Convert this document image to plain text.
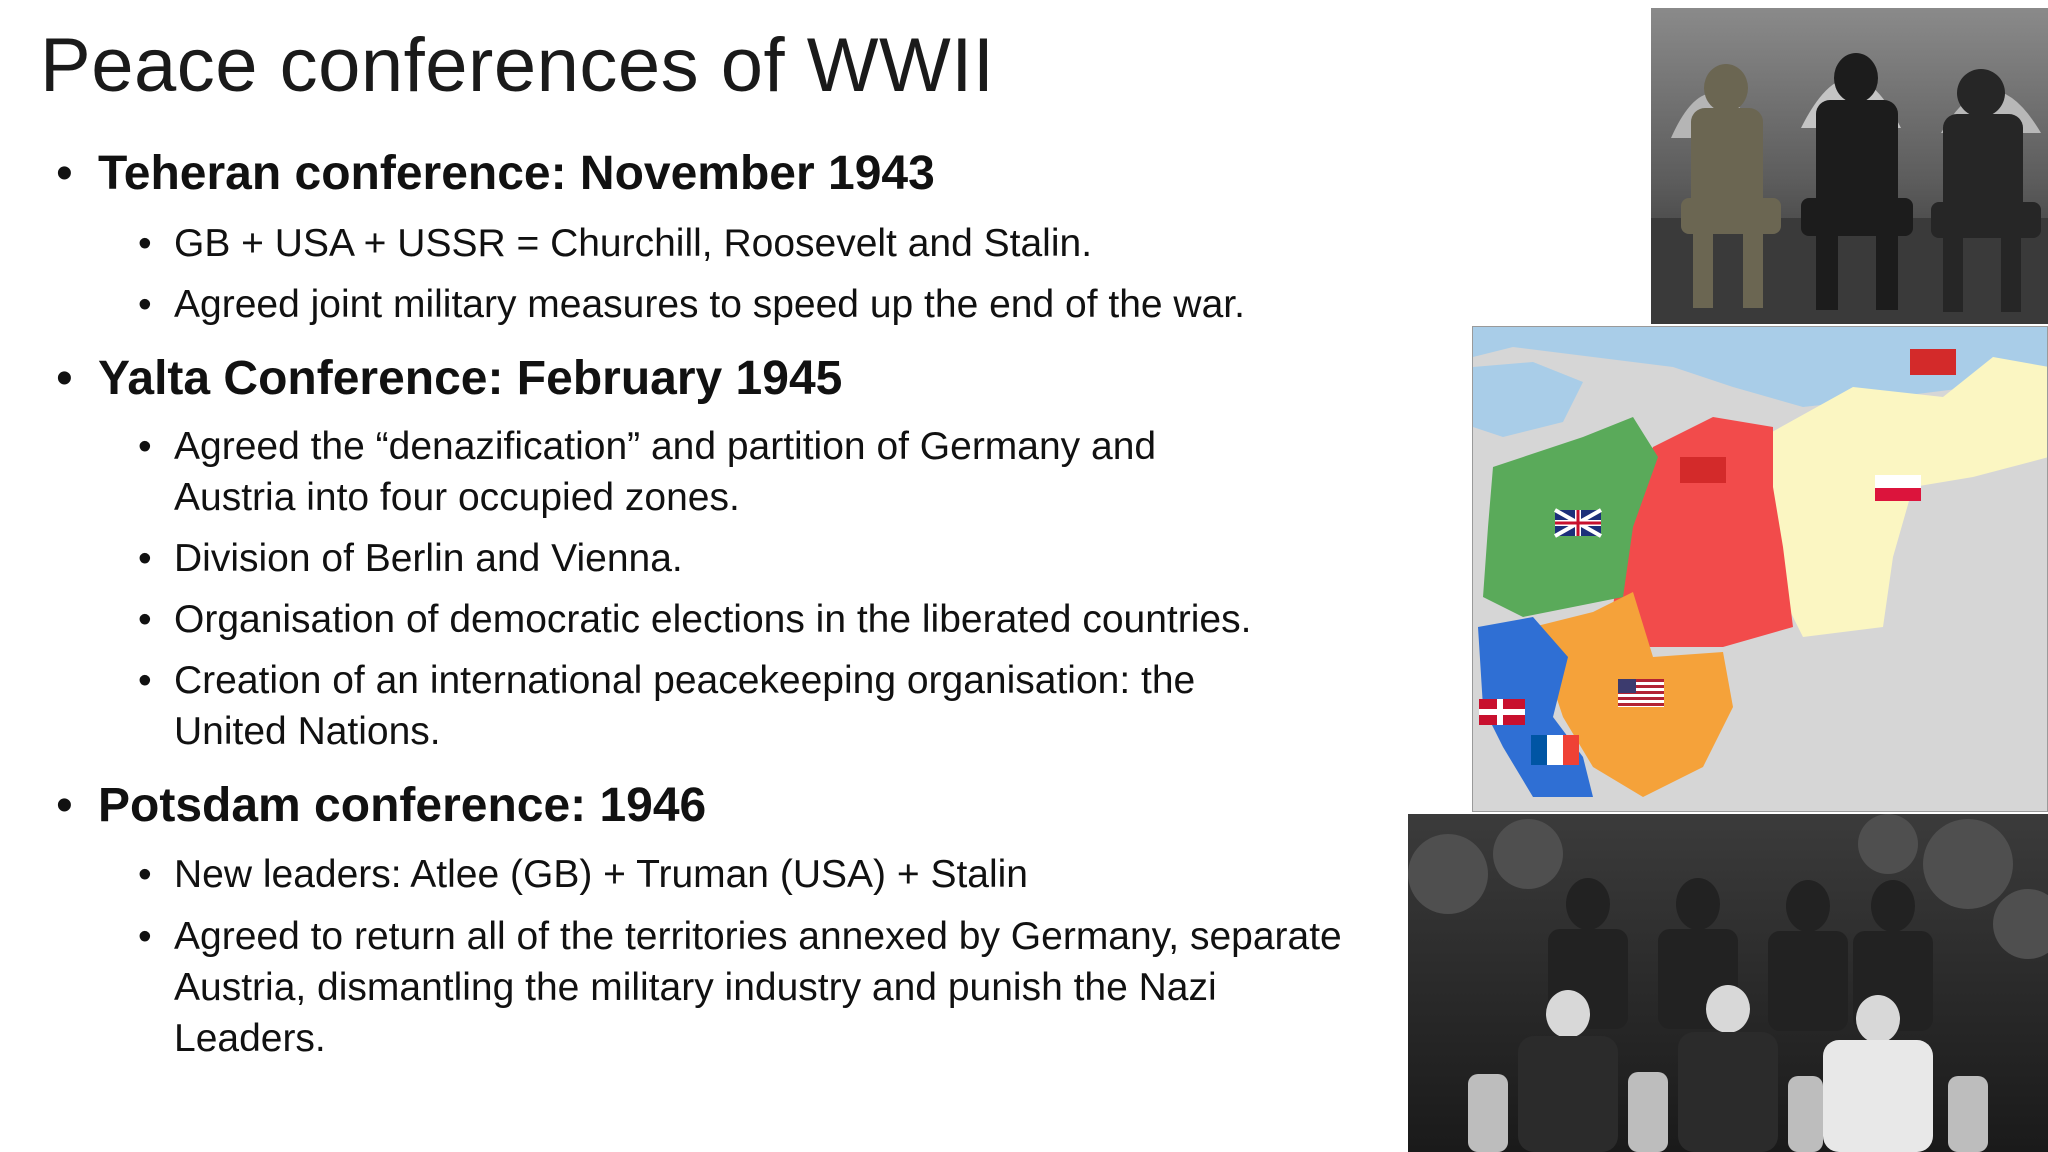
Peace conferences of WWII
• Teheran conference: November 1943
• GB + USA + USSR = Churchill, Roosevelt and Stalin.
• Agreed joint military measures to speed up the end of the war.
• Yalta Conference: February 1945
• Agreed the “denazification” and partition of Germany and Austria into four occupied zones.
• Division of Berlin and Vienna.
• Organisation of democratic elections in the liberated countries.
• Creation of an international peacekeeping organisation: the United Nations.
• Potsdam conference: 1946
• New leaders: Atlee (GB) + Truman (USA) + Stalin
• Agreed to return all of the territories annexed by Germany, separate Austria, dismantling the military industry and punish the Nazi Leaders.
